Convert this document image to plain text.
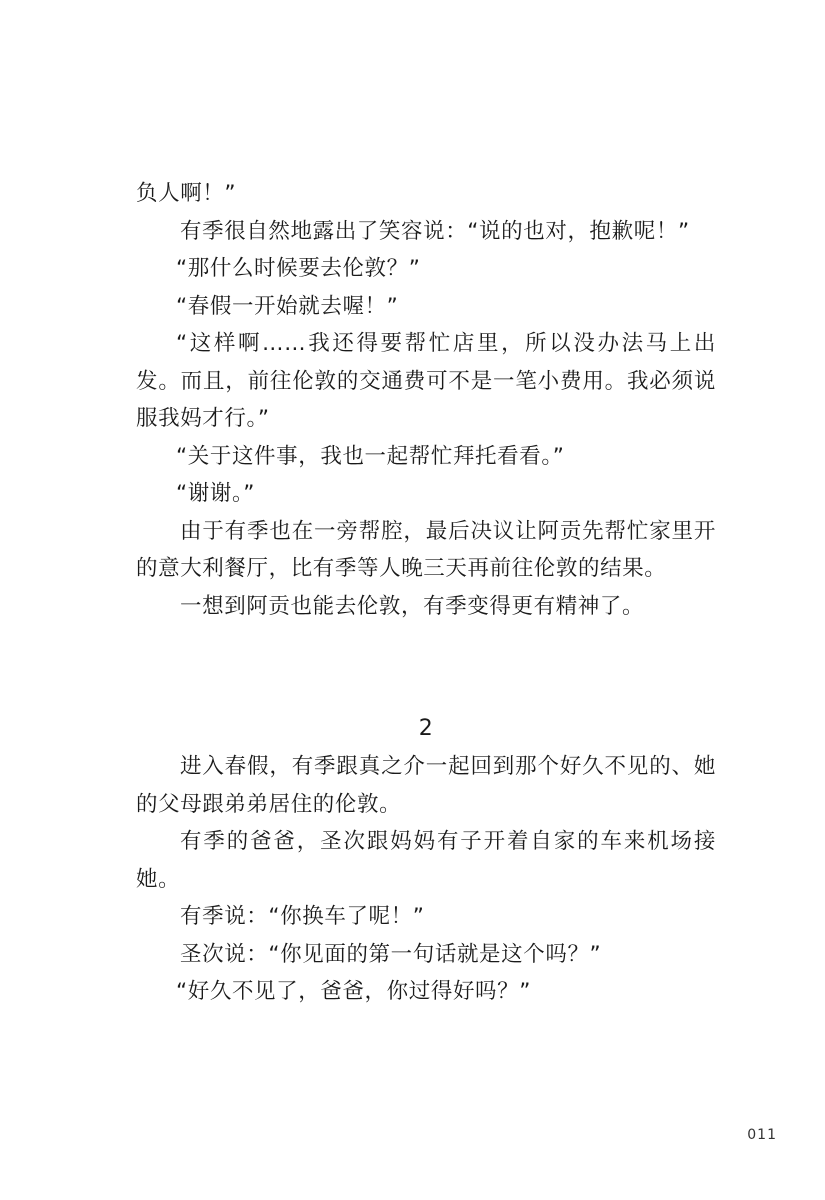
负人啊！”

有季很自然地露出了笑容说：“说的也对，抱歉呢！”

“那什么时候要去伦敦？”

“春假一开始就去喔！”

“这样啊……我还得要帮忙店里，所以没办法马上出发。而且，前往伦敦的交通费可不是一笔小费用。我必须说服我妈才行。”

“关于这件事，我也一起帮忙拜托看看。”

“谢谢。”

由于有季也在一旁帮腔，最后决议让阿贡先帮忙家里开的意大利餐厅，比有季等人晚三天再前往伦敦的结果。

一想到阿贡也能去伦敦，有季变得更有精神了。

2

进入春假，有季跟真之介一起回到那个好久不见的、她的父母跟弟弟居住的伦敦。

有季的爸爸，圣次跟妈妈有子开着自家的车来机场接她。

有季说：“你换车了呢！”

圣次说：“你见面的第一句话就是这个吗？”

“好久不见了，爸爸，你过得好吗？”

011
